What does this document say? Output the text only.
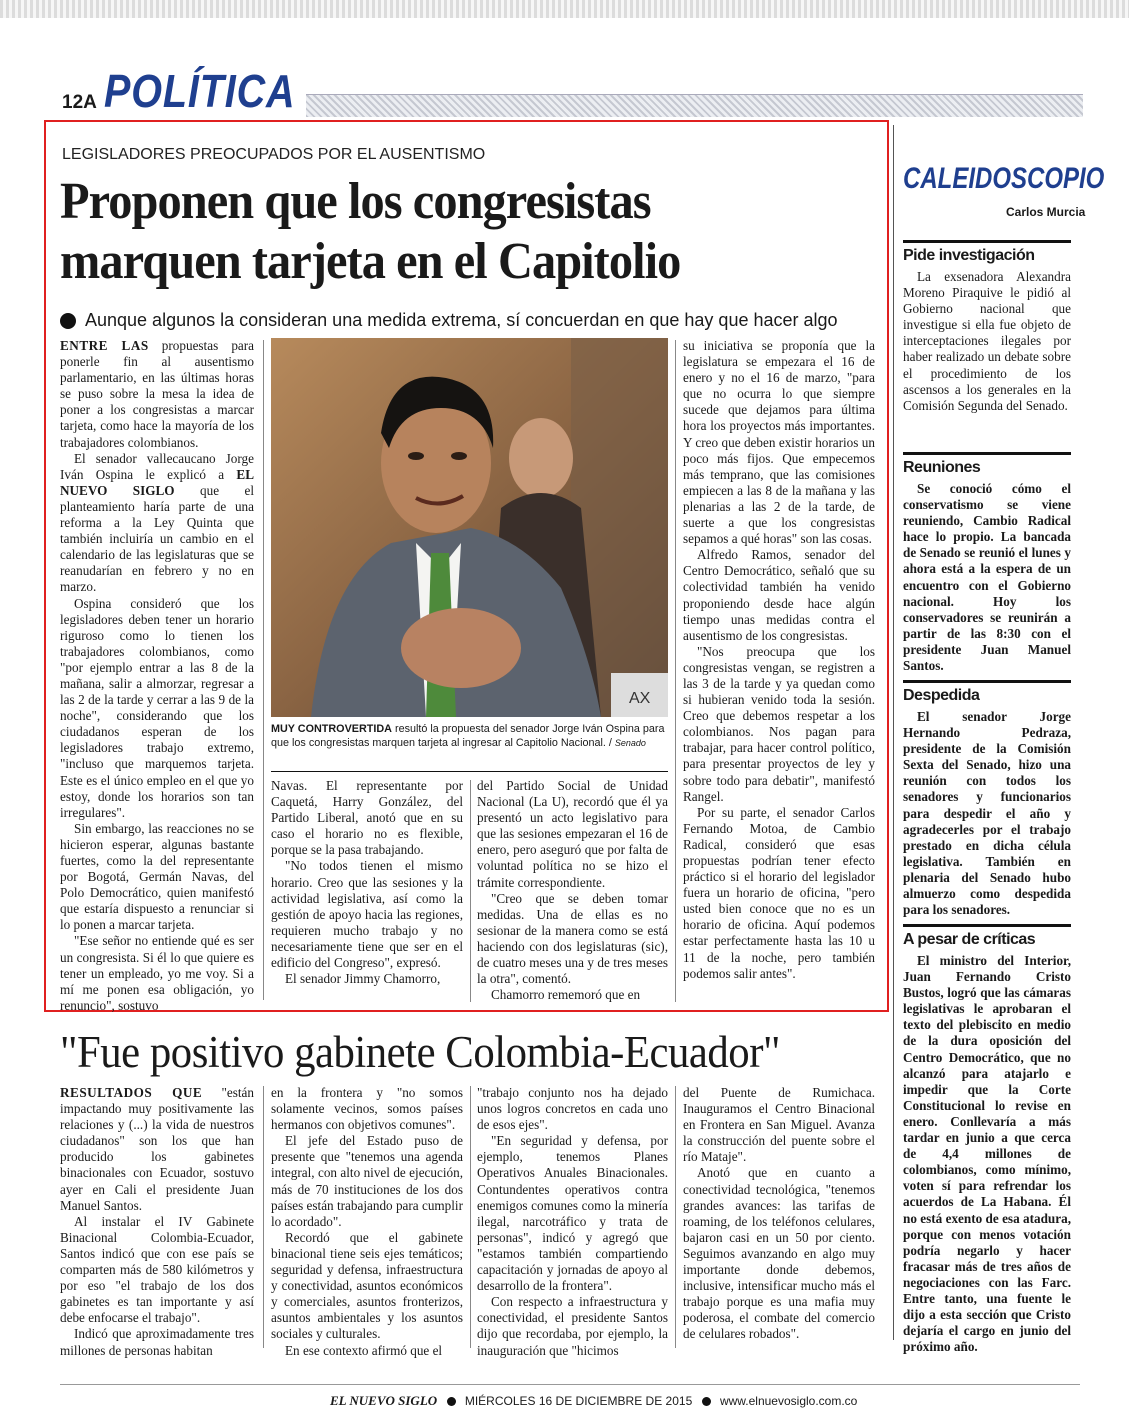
12A POLÍTICA
LEGISLADORES PREOCUPADOS POR EL AUSENTISMO
Proponen que los congresistas
marquen tarjeta en el Capitolio
Aunque algunos la consideran una medida extrema, sí concuerdan en que hay que hacer algo

ENTRE LAS propuestas para ponerle fin al ausentismo parlamentario, en las últimas horas se puso sobre la mesa la idea de poner a los congresistas a marcar tarjeta, como hace la mayoría de los trabajadores colombianos.

El senador vallecaucano Jorge Iván Ospina le explicó a EL NUEVO SIGLO que el planteamiento haría parte de una reforma a la Ley Quinta que también incluiría un cambio en el calendario de las legislaturas que se reanudarían en febrero y no en marzo.

Ospina consideró que los legisladores deben tener un horario riguroso como lo tienen los trabajadores colombianos, como "por ejemplo entrar a las 8 de la mañana, salir a almorzar, regresar a las 2 de la tarde y cerrar a las 9 de la noche", considerando que los ciudadanos esperan de los legisladores trabajo extremo, "incluso que marquemos tarjeta. Este es el único empleo en el que yo estoy, donde los horarios son tan irregulares".

Sin embargo, las reacciones no se hicieron esperar, algunas bastante fuertes, como la del representante por Bogotá, Germán Navas, del Polo Democrático, quien manifestó que estaría dispuesto a renunciar si lo ponen a marcar tarjeta.

"Ese señor no entiende qué es ser un congresista. Si él lo que quiere es tener un empleado, yo me voy. Si a mí me ponen esa obligación, yo renuncio", sostuvo

AX
MUY CONTROVERTIDA resultó la propuesta del senador Jorge Iván Ospina para que los congresistas marquen tarjeta al ingresar al Capitolio Nacional. / Senado

Navas. El representante por Caquetá, Harry González, del Partido Liberal, anotó que en su caso el horario no es flexible, porque se la pasa trabajando.

"No todos tienen el mismo horario. Creo que las sesiones y la actividad legislativa, así como la gestión de apoyo hacia las regiones, requieren mucho trabajo y no necesariamente tiene que ser en el edificio del Congreso", expresó.

El senador Jimmy Chamorro,

del Partido Social de Unidad Nacional (La U), recordó que él ya presentó un acto legislativo para que las sesiones empezaran el 16 de enero, pero aseguró que por falta de voluntad política no se hizo el trámite correspondiente.

"Creo que se deben tomar medidas. Una de ellas es no sesionar de la manera como se está haciendo con dos legislaturas (sic), de cuatro meses una y de tres meses la otra", comentó.

Chamorro rememoró que en

su iniciativa se proponía que la legislatura se empezara el 16 de enero y no el 16 de marzo, "para que no ocurra lo que siempre sucede que dejamos para última hora los proyectos más importantes. Y creo que deben existir horarios un poco más fijos. Que empecemos más temprano, que las comisiones empiecen a las 8 de la mañana y las plenarias a las 2 de la tarde, de suerte a que los congresistas sepamos a qué horas" son las cosas.

Alfredo Ramos, senador del Centro Democrático, señaló que su colectividad también ha venido proponiendo desde hace algún tiempo unas medidas contra el ausentismo de los congresistas.

"Nos preocupa que los congresistas vengan, se registren a las 3 de la tarde y ya quedan como si hubieran venido toda la sesión. Creo que debemos respetar a los colombianos. Nos pagan para trabajar, para hacer control político, para presentar proyectos de ley y sobre todo para debatir", manifestó Rangel.

Por su parte, el senador Carlos Fernando Motoa, de Cambio Radical, consideró que esas propuestas podrían tener efecto práctico si el horario del legislador fuera un horario de oficina, "pero usted bien conoce que no es un horario de oficina. Aquí podemos estar perfectamente hasta las 10 u 11 de la noche, pero también podemos salir antes".

CALEIDOSCOPIO
Carlos Murcia
Pide investigación

La exsenadora Alexandra Moreno Piraquive le pidió al Gobierno nacional que investigue si ella fue objeto de interceptaciones ilegales por haber realizado un debate sobre el procedimiento de los ascensos a los generales en la Comisión Segunda del Senado.

Reuniones

Se conoció cómo el conservatismo se viene reuniendo, Cambio Radical hace lo propio. La bancada de Senado se reunió el lunes y ahora está a la espera de un encuentro con el Gobierno nacional. Hoy los conservadores se reunirán a partir de las 8:30 con el presidente Juan Manuel Santos.

Despedida

El senador Jorge Hernando Pedraza, presidente de la Comisión Sexta del Senado, hizo una reunión con todos los senadores y funcionarios para despedir el año y agradecerles por el trabajo prestado en dicha célula legislativa. También en plenaria del Senado hubo almuerzo como despedida para los senadores.

A pesar de críticas

El ministro del Interior, Juan Fernando Cristo Bustos, logró que las cámaras legislativas le aprobaran el texto del plebiscito en medio de la dura oposición del Centro Democrático, que no alcanzó para atajarlo e impedir que la Corte Constitucional lo revise en enero. Conllevaría a más tardar en junio a que cerca de 4,4 millones de colombianos, como mínimo, voten sí para refrendar los acuerdos de La Habana. Él no está exento de esa atadura, porque con menos votación podría negarlo y hacer fracasar más de tres años de negociaciones con las Farc. Entre tanto, una fuente le dijo a esta sección que Cristo dejaría el cargo en junio del próximo año.

"Fue positivo gabinete Colombia-Ecuador"

RESULTADOS QUE "están impactando muy positivamente las relaciones y (...) la vida de nuestros ciudadanos" son los que han producido los gabinetes binacionales con Ecuador, sostuvo ayer en Cali el presidente Juan Manuel Santos.

Al instalar el IV Gabinete Binacional Colombia-Ecuador, Santos indicó que con ese país se comparten más de 580 kilómetros y por eso "el trabajo de los dos gabinetes es tan importante y así debe enfocarse el trabajo".

Indicó que aproximadamente tres millones de personas habitan

en la frontera y "no somos solamente vecinos, somos países hermanos con objetivos comunes".

El jefe del Estado puso de presente que "tenemos una agenda integral, con alto nivel de ejecución, más de 70 instituciones de los dos países están trabajando para cumplir lo acordado".

Recordó que el gabinete binacional tiene seis ejes temáticos; seguridad y defensa, infraestructura y conectividad, asuntos económicos y comerciales, asuntos fronterizos, asuntos ambientales y los asuntos sociales y culturales.

En ese contexto afirmó que el

"trabajo conjunto nos ha dejado unos logros concretos en cada uno de esos ejes".

"En seguridad y defensa, por ejemplo, tenemos Planes Operativos Anuales Binacionales. Contundentes operativos contra enemigos comunes como la minería ilegal, narcotráfico y trata de personas", indicó y agregó que "estamos también compartiendo capacitación y jornadas de apoyo al desarrollo de la frontera".

Con respecto a infraestructura y conectividad, el presidente Santos dijo que recordaba, por ejemplo, la inauguración que "hicimos

del Puente de Rumichaca. Inauguramos el Centro Binacional en Frontera en San Miguel. Avanza la construcción del puente sobre el río Mataje".

Anotó que en cuanto a conectividad tecnológica, "tenemos grandes avances: las tarifas de roaming, de los teléfonos celulares, bajaron casi en un 50 por ciento. Seguimos avanzando en algo muy importante donde debemos, inclusive, intensificar mucho más el trabajo porque es una mafia muy poderosa, el combate del comercio de celulares robados".

EL NUEVO SIGLO MIÉRCOLES 16 DE DICIEMBRE DE 2015 www.elnuevosiglo.com.co
